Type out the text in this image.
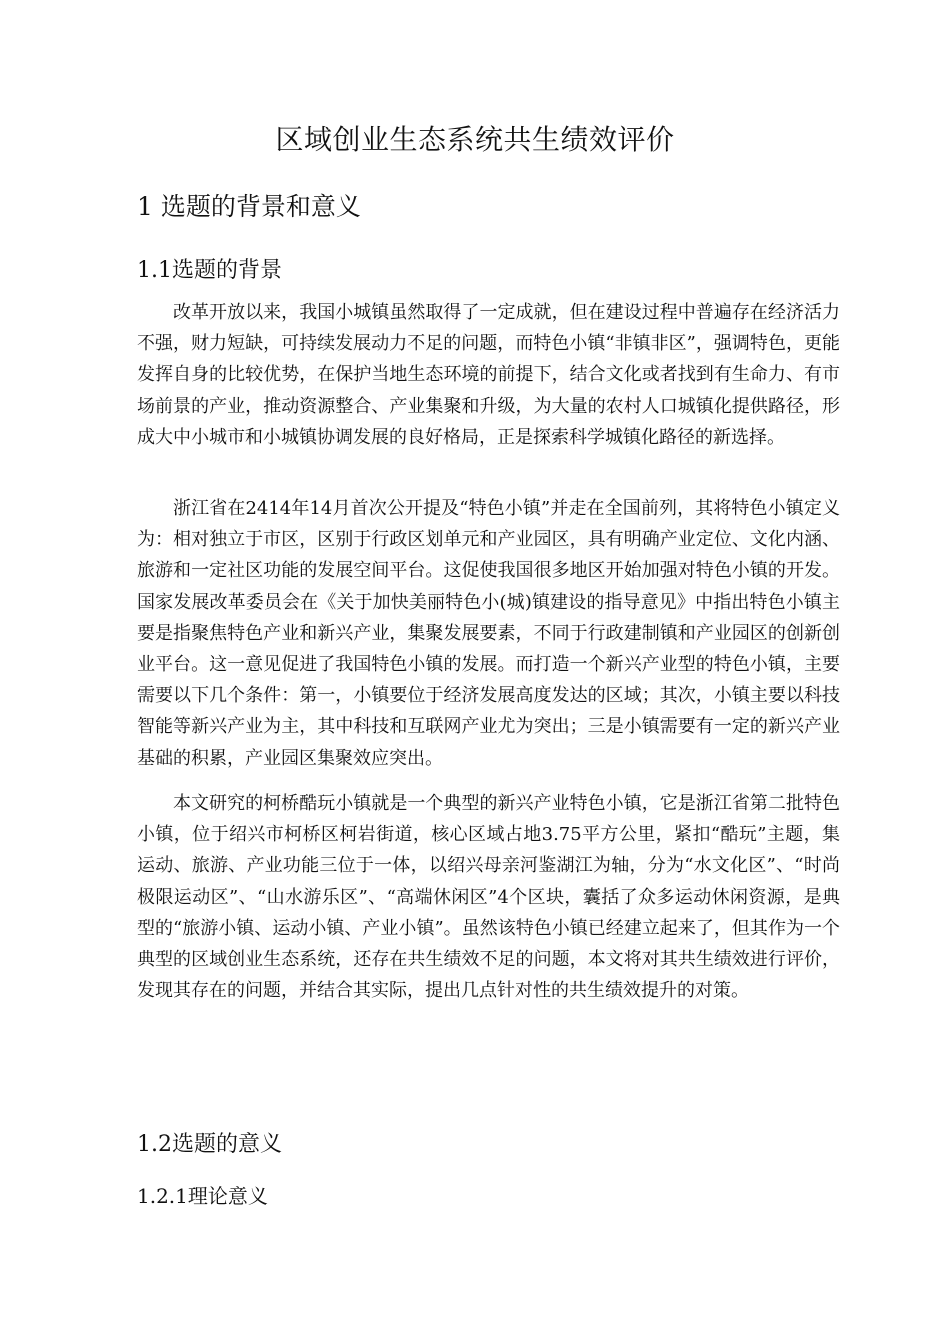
区域创业生态系统共生绩效评价
1 选题的背景和意义
1.1选题的背景

改革开放以来，我国小城镇虽然取得了一定成就，但在建设过程中普遍存在经济活力不强，财力短缺，可持续发展动力不足的问题，而特色小镇“非镇非区”，强调特色，更能发挥自身的比较优势，在保护当地生态环境的前提下，结合文化或者找到有生命力、有市场前景的产业，推动资源整合、产业集聚和升级，为大量的农村人口城镇化提供路径，形成大中小城市和小城镇协调发展的良好格局，正是探索科学城镇化路径的新选择。

浙江省在2414年14月首次公开提及“特色小镇”并走在全国前列，其将特色小镇定义为：相对独立于市区，区别于行政区划单元和产业园区，具有明确产业定位、文化内涵、旅游和一定社区功能的发展空间平台。这促使我国很多地区开始加强对特色小镇的开发。国家发展改革委员会在《关于加快美丽特色小(城)镇建设的指导意见》中指出特色小镇主要是指聚焦特色产业和新兴产业，集聚发展要素，不同于行政建制镇和产业园区的创新创业平台。这一意见促进了我国特色小镇的发展。而打造一个新兴产业型的特色小镇，主要需要以下几个条件：第一，小镇要位于经济发展高度发达的区域；其次，小镇主要以科技智能等新兴产业为主，其中科技和互联网产业尤为突出；三是小镇需要有一定的新兴产业基础的积累，产业园区集聚效应突出。

本文研究的柯桥酷玩小镇就是一个典型的新兴产业特色小镇，它是浙江省第二批特色小镇，位于绍兴市柯桥区柯岩街道，核心区域占地3.75平方公里，紧扣“酷玩”主题，集运动、旅游、产业功能三位于一体，以绍兴母亲河鉴湖江为轴，分为“水文化区”、“时尚极限运动区”、“山水游乐区”、“高端休闲区”4个区块，囊括了众多运动休闲资源，是典型的“旅游小镇、运动小镇、产业小镇”。虽然该特色小镇已经建立起来了，但其作为一个典型的区域创业生态系统，还存在共生绩效不足的问题，本文将对其共生绩效进行评价，发现其存在的问题，并结合其实际，提出几点针对性的共生绩效提升的对策。

1.2选题的意义
1.2.1理论意义
